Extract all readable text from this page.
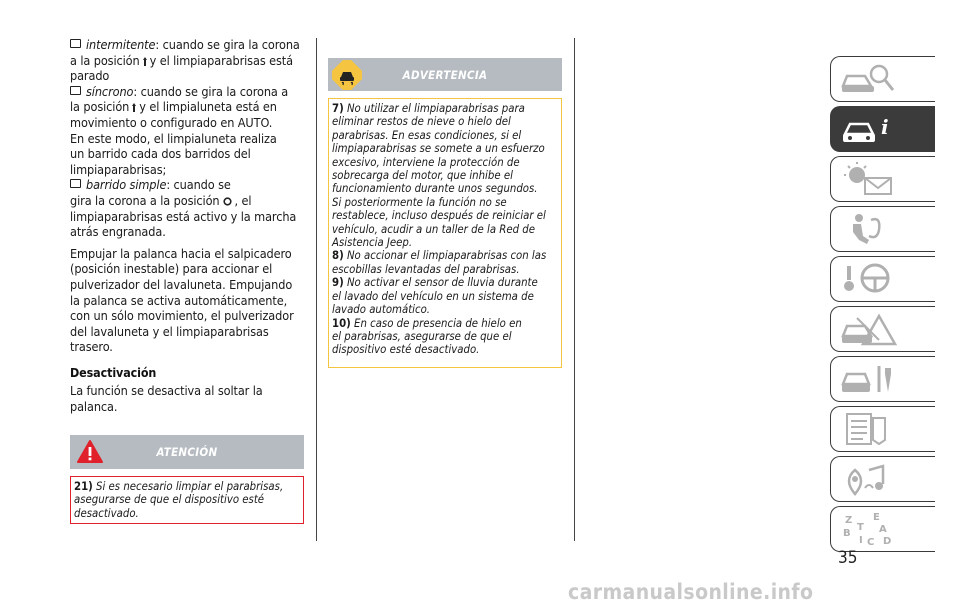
intermitente: cuando se gira la corona
a la posición y el limpiaparabrisas está
parado
síncrono: cuando se gira la corona a
la posición y el limpialuneta está en
movimiento o configurado en AUTO.
En este modo, el limpialuneta realiza
un barrido cada dos barridos del
limpiaparabrisas;
barrido simple: cuando se
gira la corona a la posición , el
limpiaparabrisas está activo y la marcha
atrás engranada.
Empujar la palanca hacia el salpicadero
(posición inestable) para accionar el
pulverizador del lavaluneta. Empujando
la palanca se activa automáticamente,
con un sólo movimiento, el pulverizador
del lavaluneta y el limpiaparabrisas
trasero.
Desactivación
La función se desactiva al soltar la
palanca.
ATENCIÓN
21) Si es necesario limpiar el parabrisas,
asegurarse de que el dispositivo esté
desactivado.
ADVERTENCIA
7) No utilizar el limpiaparabrisas para
eliminar restos de nieve o hielo del
parabrisas. En esas condiciones, si el
limpiaparabrisas se somete a un esfuerzo
excesivo, interviene la protección de
sobrecarga del motor, que inhibe el
funcionamiento durante unos segundos.
Si posteriormente la función no se
restablece, incluso después de reiniciar el
vehículo, acudir a un taller de la Red de
Asistencia Jeep.
8) No accionar el limpiaparabrisas con las
escobillas levantadas del parabrisas.
9) No activar el sensor de lluvia durante
el lavado del vehículo en un sistema de
lavado automático.
10) En caso de presencia de hielo en
el parabrisas, asegurarse de que el
dispositivo esté desactivado.
i
Z E
B	A
I C D
T
35
carmanualsonline.info
